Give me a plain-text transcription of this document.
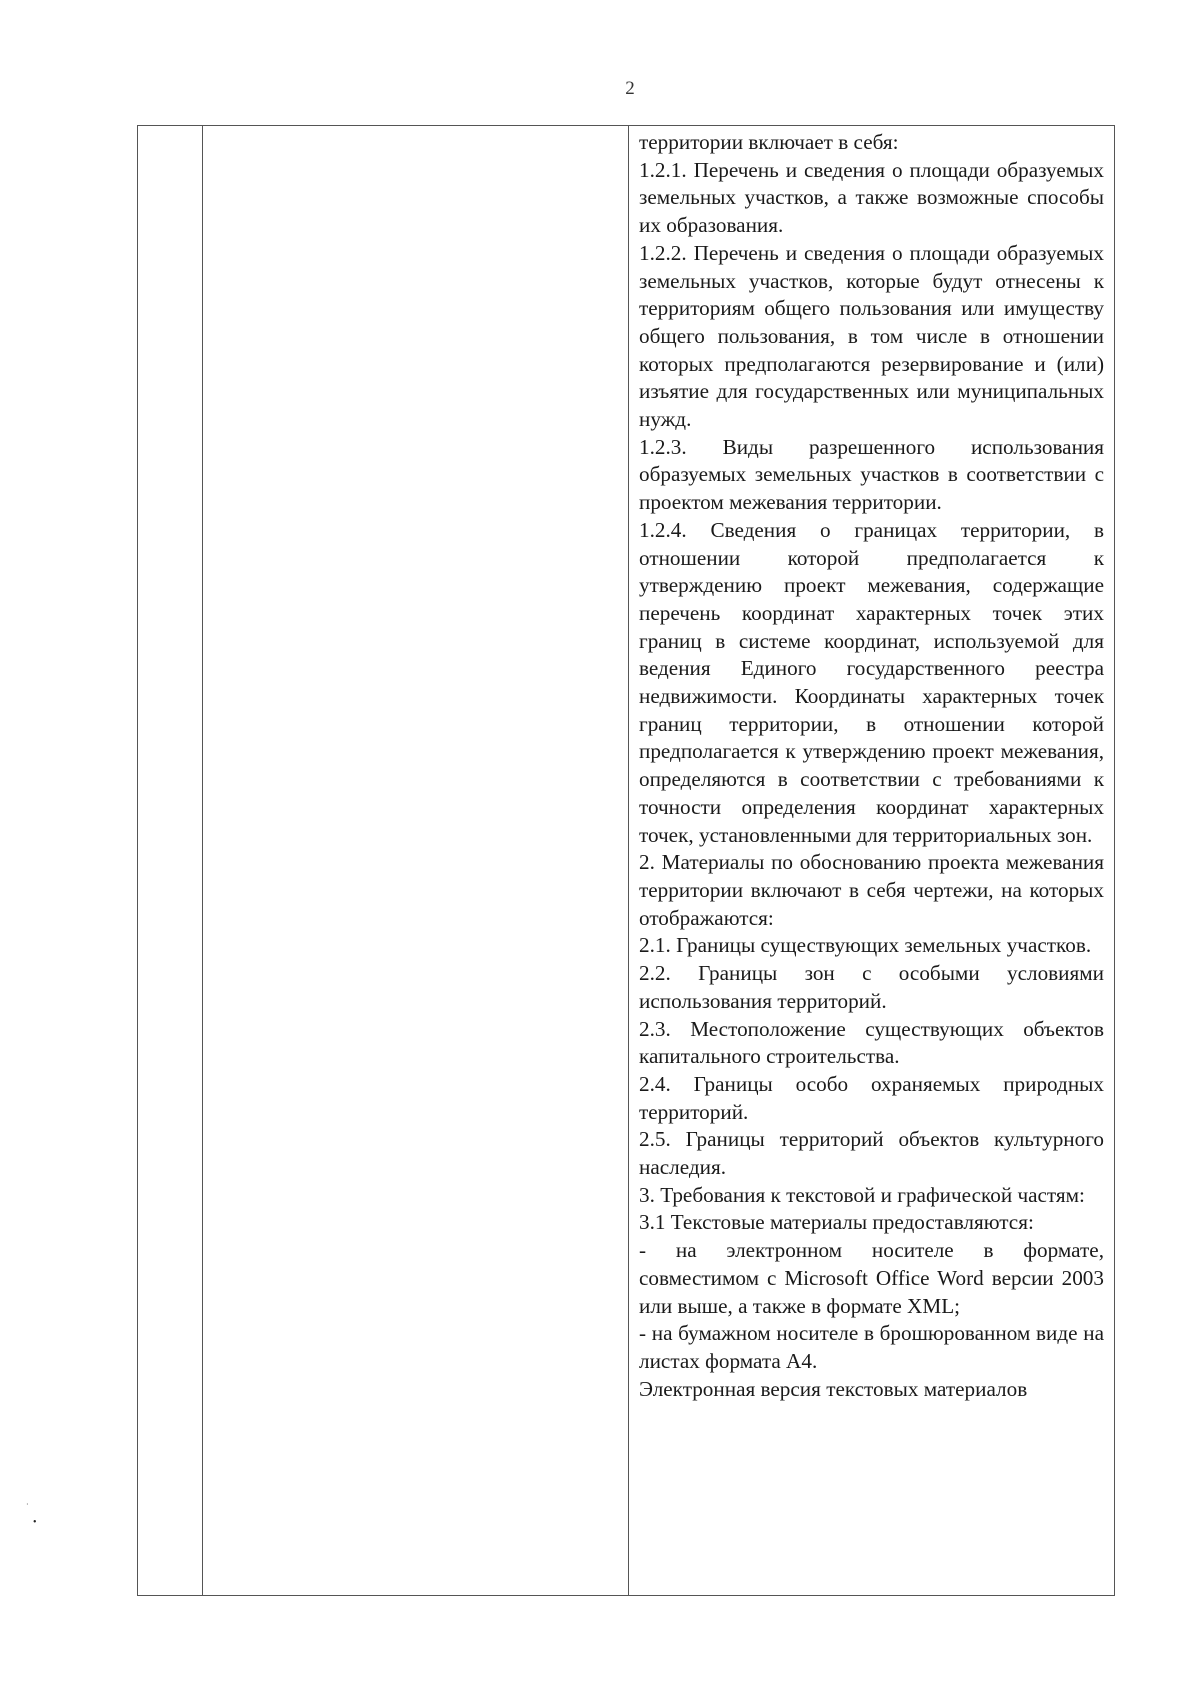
2

территории включает в себя:

1.2.1. Перечень и сведения о площади образуемых земельных участков, а также возможные способы их образования.

1.2.2. Перечень и сведения о площади образуемых земельных участков, которые будут отнесены к территориям общего пользования или имуществу общего пользования, в том числе в отношении которых предполагаются резервирование и (или) изъятие для государственных или муниципальных нужд.

1.2.3. Виды разрешенного использования образуемых земельных участков в соответствии с проектом межевания территории.

1.2.4. Сведения о границах территории, в отношении которой предполагается к утверждению проект межевания, содержащие перечень координат характерных точек этих границ в системе координат, используемой для ведения Единого государственного реестра недвижимости. Координаты характерных точек границ территории, в отношении которой предполагается к утверждению проект межевания, определяются в соответствии с требованиями к точности определения координат характерных точек, установленными для территориальных зон.

2. Материалы по обоснованию проекта межевания территории включают в себя чертежи, на которых отображаются:

2.1. Границы существующих земельных участков.

2.2. Границы зон с особыми условиями использования территорий.

2.3. Местоположение существующих объектов капитального строительства.

2.4. Границы особо охраняемых природных территорий.

2.5. Границы территорий объектов культурного наследия.

3. Требования к текстовой и графической частям:

3.1 Текстовые материалы предоставляются:

- на электронном носителе в формате, совместимом с Microsoft Office Word версии 2003 или выше, а также в формате XML;

- на бумажном носителе в брошюрованном виде на листах формата А4.

Электронная версия текстовых материалов

·
•
